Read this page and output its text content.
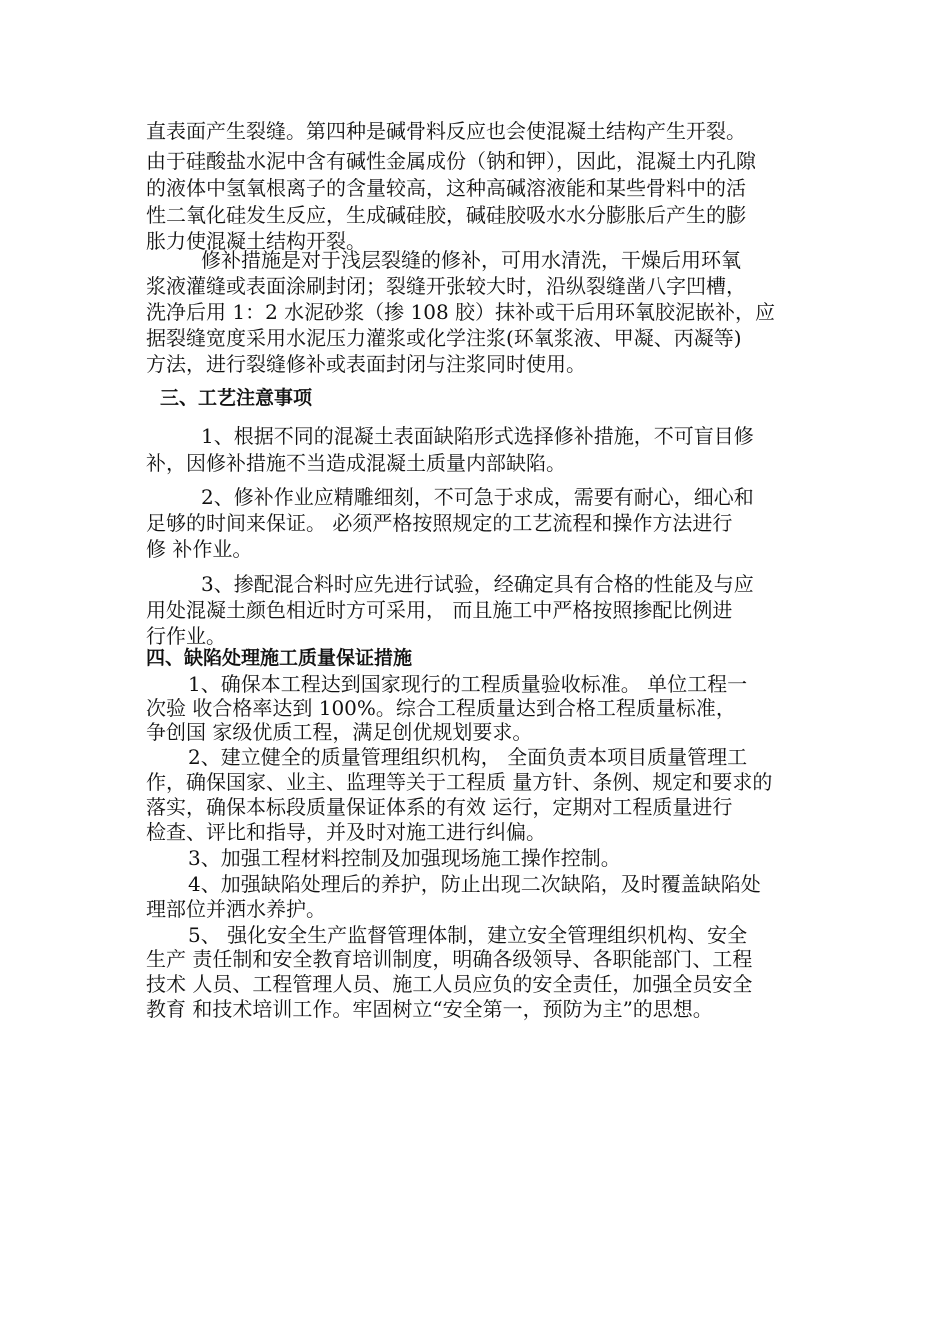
直表面产生裂缝。第四种是碱骨料反应也会使混凝土结构产生开裂。
由于硅酸盐水泥中含有碱性金属成份（钠和钾），因此，混凝土内孔隙
的液体中氢氧根离子的含量较高，这种高碱溶液能和某些骨料中的活
性二氧化硅发生反应，生成碱硅胶，碱硅胶吸水水分膨胀后产生的膨
胀力使混凝土结构开裂。
修补措施是对于浅层裂缝的修补，可用水清洗，干燥后用环氧
浆液灌缝或表面涂刷封闭；裂缝开张较大时，沿纵裂缝凿八字凹槽，
洗净后用 1：2 水泥砂浆（掺 108 胶）抹补或干后用环氧胶泥嵌补，应
据裂缝宽度采用水泥压力灌浆或化学注浆(环氧浆液、甲凝、丙凝等)
方法，进行裂缝修补或表面封闭与注浆同时使用。
三、工艺注意事项
1、根据不同的混凝土表面缺陷形式选择修补措施，不可盲目修
补，因修补措施不当造成混凝土质量内部缺陷。
2、修补作业应精雕细刻，不可急于求成，需要有耐心，细心和
足够的时间来保证。 必须严格按照规定的工艺流程和操作方法进行
修 补作业。
3、掺配混合料时应先进行试验，经确定具有合格的性能及与应
用处混凝土颜色相近时方可采用， 而且施工中严格按照掺配比例进
行作业。
四、缺陷处理施工质量保证措施
1、确保本工程达到国家现行的工程质量验收标准。 单位工程一
次验 收合格率达到 100%。综合工程质量达到合格工程质量标准，
争创国 家级优质工程，满足创优规划要求。
2、建立健全的质量管理组织机构， 全面负责本项目质量管理工
作，确保国家、业主、监理等关于工程质 量方针、条例、规定和要求的
落实，确保本标段质量保证体系的有效 运行，定期对工程质量进行
检查、评比和指导，并及时对施工进行纠偏。
3、加强工程材料控制及加强现场施工操作控制。
4、加强缺陷处理后的养护，防止出现二次缺陷，及时覆盖缺陷处
理部位并洒水养护。
5、 强化安全生产监督管理体制，建立安全管理组织机构、安全
生产 责任制和安全教育培训制度，明确各级领导、各职能部门、工程
技术 人员、工程管理人员、施工人员应负的安全责任，加强全员安全
教育 和技术培训工作。牢固树立“安全第一，预防为主”的思想。
